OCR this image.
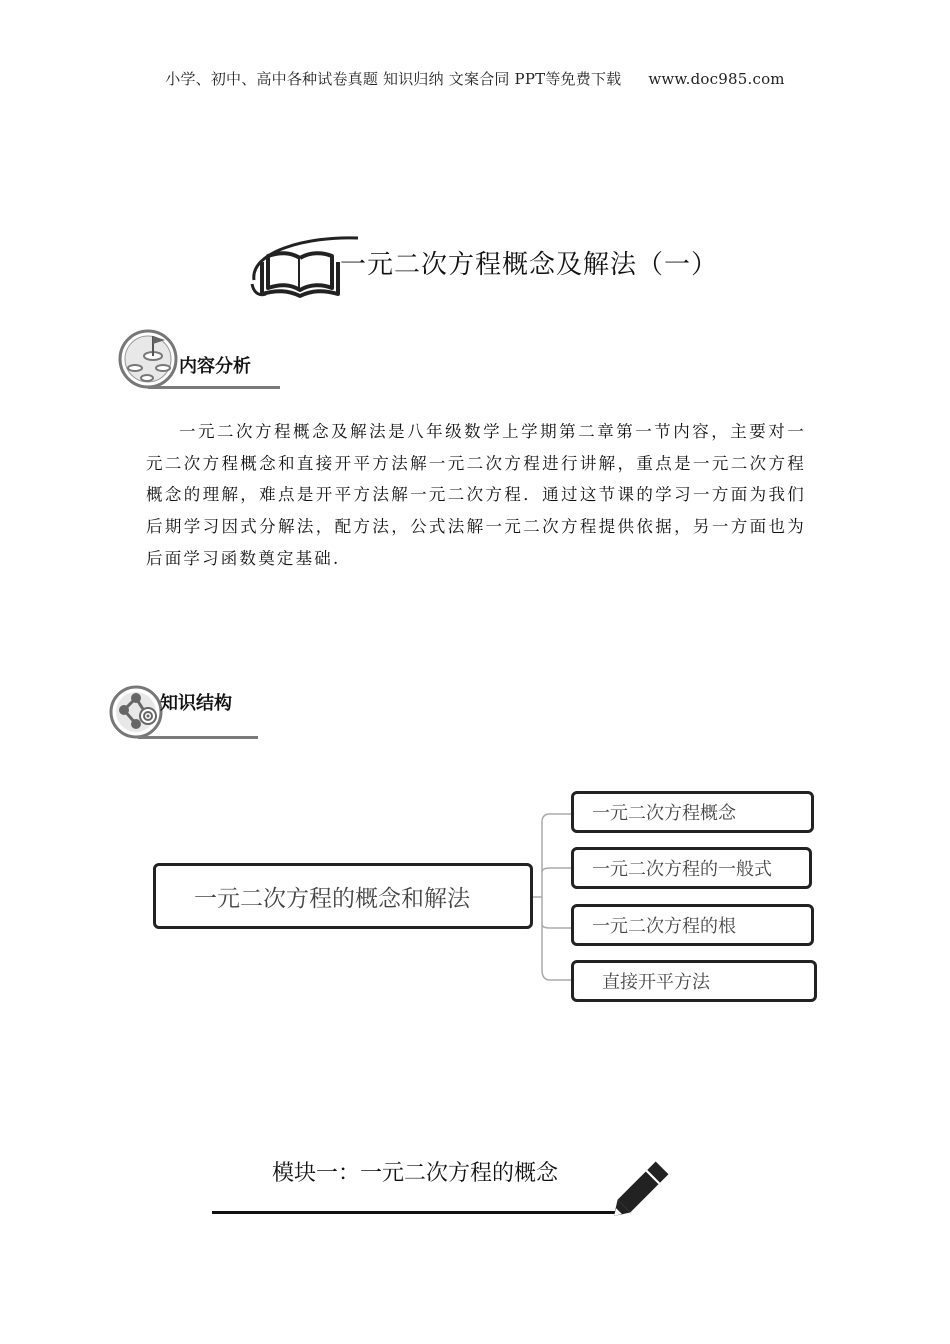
小学、初中、高中各种试卷真题 知识归纳 文案合同 PPT等免费下载 www.doc985.com
一元二次方程概念及解法（一）
内容分析

一元二次方程概念及解法是八年级数学上学期第二章第一节内容，主要对一元二次方程概念和直接开平方法解一元二次方程进行讲解，重点是一元二次方程概念的理解，难点是开平方法解一元二次方程．通过这节课的学习一方面为我们后期学习因式分解法，配方法，公式法解一元二次方程提供依据，另一方面也为后面学习函数奠定基础.

知识结构
一元二次方程的概念和解法
一元二次方程概念
一元二次方程的一般式
一元二次方程的根
直接开平方法
模块一：一元二次方程的概念
